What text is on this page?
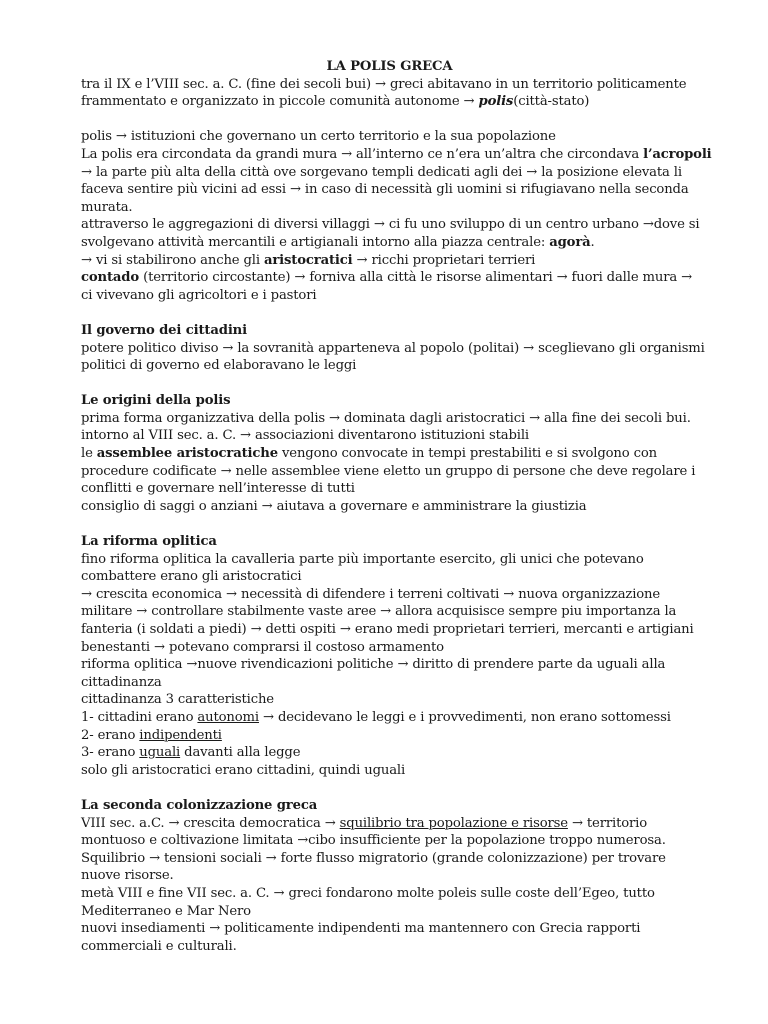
LA POLIS GRECA

tra il IX e l’VIII sec. a. C. (fine dei secoli bui) → greci abitavano in un territorio politicamente

frammentato e organizzato in piccole comunità autonome → polis(città-stato)

polis → istituzioni che governano un certo territorio e la sua popolazione

La polis era circondata da grandi mura → all’interno ce n’era un’altra che circondava l’acropoli

→ la parte più alta della città ove sorgevano templi dedicati agli dei → la posizione elevata li

faceva sentire più vicini ad essi → in caso di necessità gli uomini si rifugiavano nella seconda

murata.

attraverso le aggregazioni di diversi villaggi → ci fu uno sviluppo di un centro urbano →dove si

svolgevano attività mercantili e artigianali intorno alla piazza centrale: agorà.

→ vi si stabilirono anche gli aristocratici → ricchi proprietari terrieri

contado (territorio circostante) → forniva alla città le risorse alimentari → fuori dalle mura →

ci vivevano gli agricoltori e i pastori

Il governo dei cittadini

potere politico diviso → la sovranità apparteneva al popolo (politai) → sceglievano gli organismi

politici di governo ed elaboravano le leggi

Le origini della polis

prima forma organizzativa della polis → dominata dagli aristocratici → alla fine dei secoli bui.

intorno al VIII sec. a. C. → associazioni diventarono istituzioni stabili

le assemblee aristocratiche vengono convocate in tempi prestabiliti e si svolgono con

procedure codificate → nelle assemblee viene eletto un gruppo di persone che deve regolare i

conflitti e governare nell’interesse di tutti

consiglio di saggi o anziani → aiutava a governare e amministrare la giustizia

La riforma oplitica

fino riforma oplitica la cavalleria parte più importante esercito, gli unici che potevano

combattere erano gli aristocratici

→ crescita economica → necessità di difendere i terreni coltivati → nuova organizzazione

militare → controllare stabilmente vaste aree → allora acquisisce sempre piu importanza la

fanteria (i soldati a piedi) → detti ospiti → erano medi proprietari terrieri, mercanti e artigiani

benestanti → potevano comprarsi il costoso armamento

riforma oplitica →nuove rivendicazioni politiche → diritto di prendere parte da uguali alla

cittadinanza

cittadinanza 3 caratteristiche

1- cittadini erano autonomi → decidevano le leggi e i provvedimenti, non erano sottomessi

2- erano indipendenti

3- erano uguali davanti alla legge

solo gli aristocratici erano cittadini, quindi uguali

La seconda colonizzazione greca

VIII sec. a.C. → crescita democratica → squilibrio tra popolazione e risorse → territorio

montuoso e coltivazione limitata →cibo insufficiente per la popolazione troppo numerosa.

Squilibrio → tensioni sociali → forte flusso migratorio (grande colonizzazione) per trovare

nuove risorse.

metà VIII e fine VII sec. a. C. → greci fondarono molte poleis sulle coste dell’Egeo, tutto

Mediterraneo e Mar Nero

nuovi insediamenti → politicamente indipendenti ma mantennero con Grecia rapporti

commerciali e culturali.
